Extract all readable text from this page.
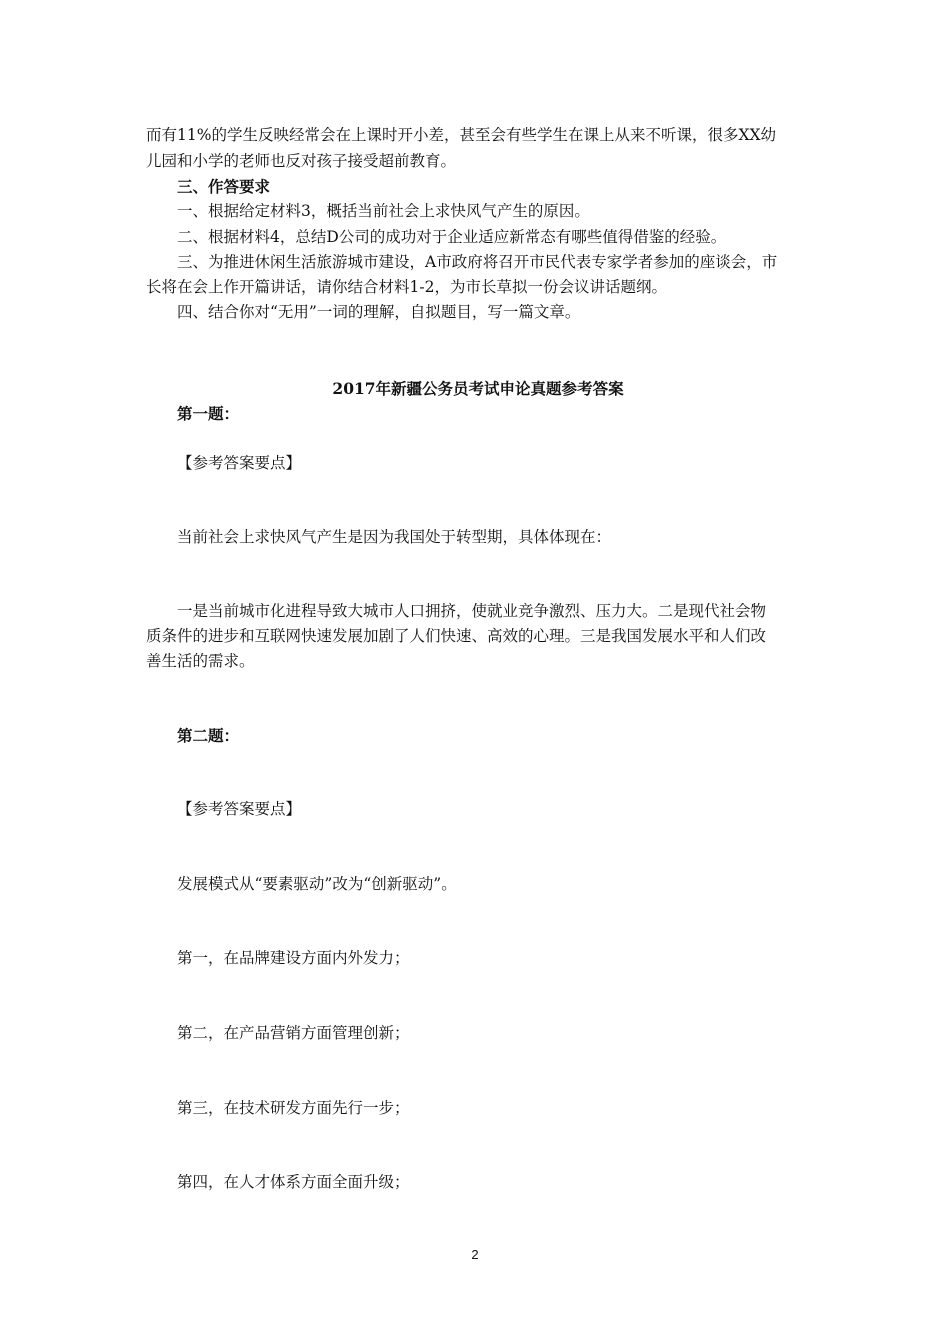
而有11%的学生反映经常会在上课时开小差，甚至会有些学生在课上从来不听课，很多XX幼

儿园和小学的老师也反对孩子接受超前教育。

三、作答要求

一、根据给定材料3，概括当前社会上求快风气产生的原因。

二、根据材料4，总结D公司的成功对于企业适应新常态有哪些值得借鉴的经验。

三、为推进休闲生活旅游城市建设，A市政府将召开市民代表专家学者参加的座谈会，市

长将在会上作开篇讲话，请你结合材料1-2，为市长草拟一份会议讲话题纲。

四、结合你对“无用”一词的理解，自拟题目，写一篇文章。

2017年新疆公务员考试申论真题参考答案

第一题：

【参考答案要点】

当前社会上求快风气产生是因为我国处于转型期，具体体现在：

一是当前城市化进程导致大城市人口拥挤，使就业竞争激烈、压力大。二是现代社会物

质条件的进步和互联网快速发展加剧了人们快速、高效的心理。三是我国发展水平和人们改

善生活的需求。

第二题：

【参考答案要点】

发展模式从“要素驱动”改为“创新驱动”。

第一，在品牌建设方面内外发力；

第二，在产品营销方面管理创新；

第三，在技术研发方面先行一步；

第四，在人才体系方面全面升级；

2
